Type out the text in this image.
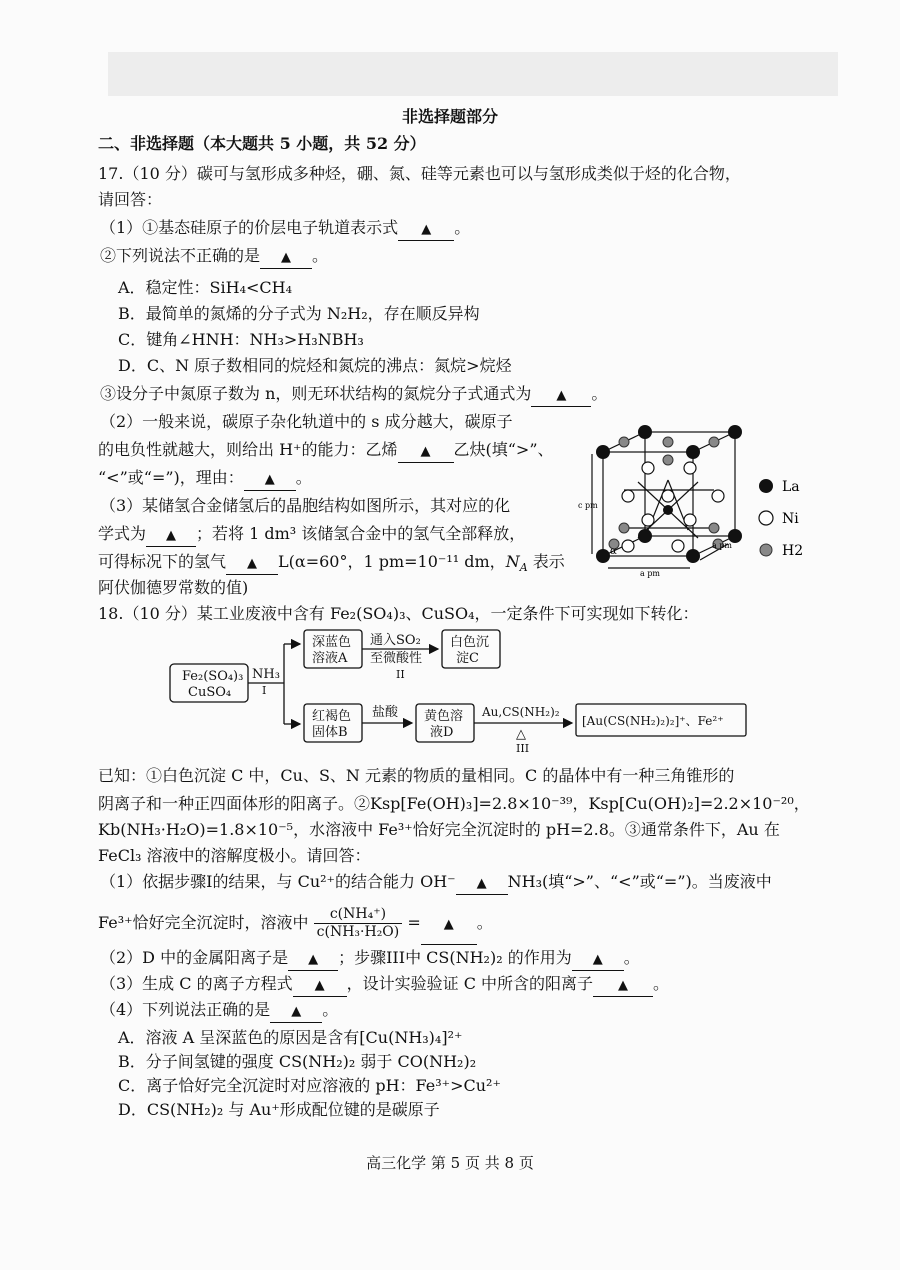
非选择题部分
二、非选择题（本大题共 5 小题，共 52 分）
17.（10 分）碳可与氢形成多种烃，硼、氮、硅等元素也可以与氢形成类似于烃的化合物，
请回答：
（1）①基态硅原子的价层电子轨道表示式 ▲ 。
②下列说法不正确的是 ▲ 。
A．稳定性：SiH₄<CH₄
B．最简单的氮烯的分子式为 N₂H₂，存在顺反异构
C．键角∠HNH：NH₃>H₃NBH₃
D．C、N 原子数相同的烷烃和氮烷的沸点：氮烷>烷烃
③设分子中氮原子数为 n，则无环状结构的氮烷分子式通式为 ▲ 。
（2）一般来说，碳原子杂化轨道中的 s 成分越大，碳原子
的电负性就越大，则给出 H⁺的能力：乙烯 ▲ 乙炔(填“>”、
“<”或“=”)，理由： ▲ 。
（3）某储氢合金储氢后的晶胞结构如图所示，其对应的化
学式为 ▲ ；若将 1 dm³ 该储氢合金中的氢气全部释放，
可得标况下的氢气 ▲ L(α=60°，1 pm=10⁻¹¹ dm，$N_A$ 表示
阿伏伽德罗常数的值)
c pm
α
a pm
a pm
La
Ni
H2
18.（10 分）某工业废液中含有 Fe₂(SO₄)₃、CuSO₄，一定条件下可实现如下转化：
Fe₂(SO₄)₃
CuSO₄
NH₃
I
深蓝色
溶液A
通入SO₂
至微酸性
II
白色沉
淀C
红褐色
固体B
盐酸 黄色溶
液D
Au,CS(NH₂)₂
△
III
[Au(CS(NH₂)₂)₂]⁺、Fe²⁺
已知：①白色沉淀 C 中，Cu、S、N 元素的物质的量相同。C 的晶体中有一种三角锥形的
阴离子和一种正四面体形的阳离子。②Ksp[Fe(OH)₃]=2.8×10⁻³⁹，Ksp[Cu(OH)₂]=2.2×10⁻²⁰，
Kb(NH₃·H₂O)=1.8×10⁻⁵，水溶液中 Fe³⁺恰好完全沉淀时的 pH=2.8。③通常条件下，Au 在
FeCl₃ 溶液中的溶解度极小。请回答：
（1）依据步骤I的结果，与 Cu²⁺的结合能力 OH⁻ ▲ NH₃(填“>”、“<”或“=”)。当废液中
Fe³⁺恰好完全沉淀时，溶液中 $\frac{\text{c(NH₄⁺)}}{\text{c(NH₃·H₂O)}}$ = ▲ 。
（2）D 中的金属阳离子是 ▲ ；步骤III中 CS(NH₂)₂ 的作用为 ▲ 。
（3）生成 C 的离子方程式 ▲ ，设计实验验证 C 中所含的阳离子 ▲ 。
（4）下列说法正确的是 ▲ 。
A．溶液 A 呈深蓝色的原因是含有[Cu(NH₃)₄]²⁺
B．分子间氢键的强度 CS(NH₂)₂ 弱于 CO(NH₂)₂
C．离子恰好完全沉淀时对应溶液的 pH：Fe³⁺>Cu²⁺
D．CS(NH₂)₂ 与 Au⁺形成配位键的是碳原子
高三化学 第 5 页 共 8 页
